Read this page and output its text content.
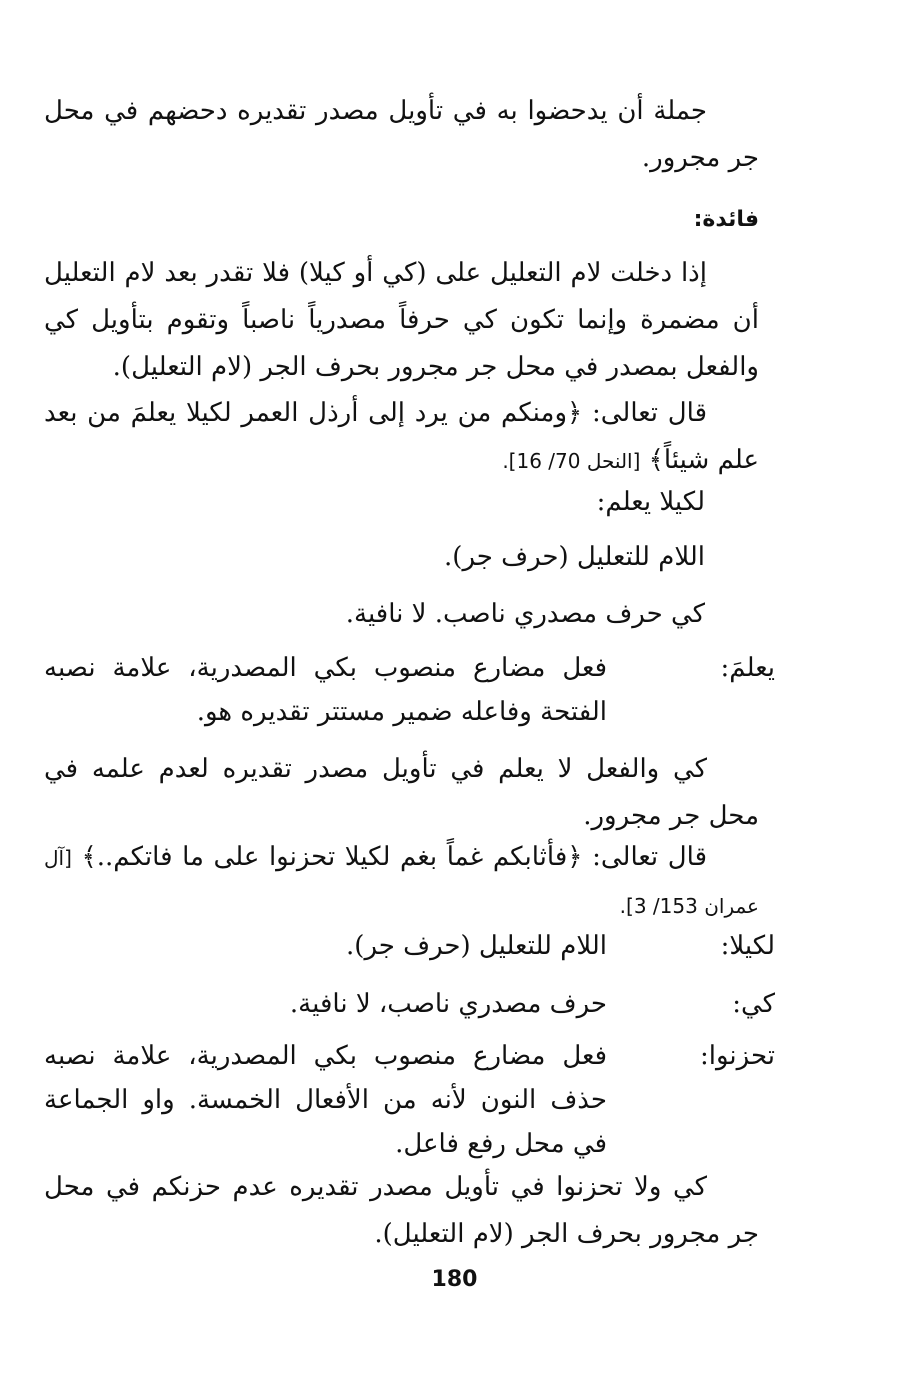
جملة أن يدحضوا به في تأويل مصدر تقديره دحضهم في محل جر مجرور.

فائدة:

إذا دخلت لام التعليل على (كي أو كيلا) فلا تقدر بعد لام التعليل أن مضمرة وإنما تكون كي حرفاً مصدرياً ناصباً وتقوم بتأويل كي والفعل بمصدر في محل جر مجرور بحرف الجر (لام التعليل).

قال تعالى: ﴿ومنكم من يرد إلى أرذل العمر لكيلا يعلمَ من بعد علم شيئاً﴾ [النحل 70/ 16].

لكيلا يعلم:

اللام للتعليل (حرف جر).

كي حرف مصدري ناصب. لا نافية.

يعلمَ:
فعل مضارع منصوب بكي المصدرية، علامة نصبه الفتحة وفاعله ضمير مستتر تقديره هو.

كي والفعل لا يعلم في تأويل مصدر تقديره لعدم علمه في محل جر مجرور.

قال تعالى: ﴿فأثابكم غماً بغم لكيلا تحزنوا على ما فاتكم..﴾ [آل عمران 153/ 3].

لكيلا:
اللام للتعليل (حرف جر).
كي:
حرف مصدري ناصب، لا نافية.
تحزنوا:
فعل مضارع منصوب بكي المصدرية، علامة نصبه حذف النون لأنه من الأفعال الخمسة. واو الجماعة في محل رفع فاعل.

كي ولا تحزنوا في تأويل مصدر تقديره عدم حزنكم في محل جر مجرور بحرف الجر (لام التعليل).

180
